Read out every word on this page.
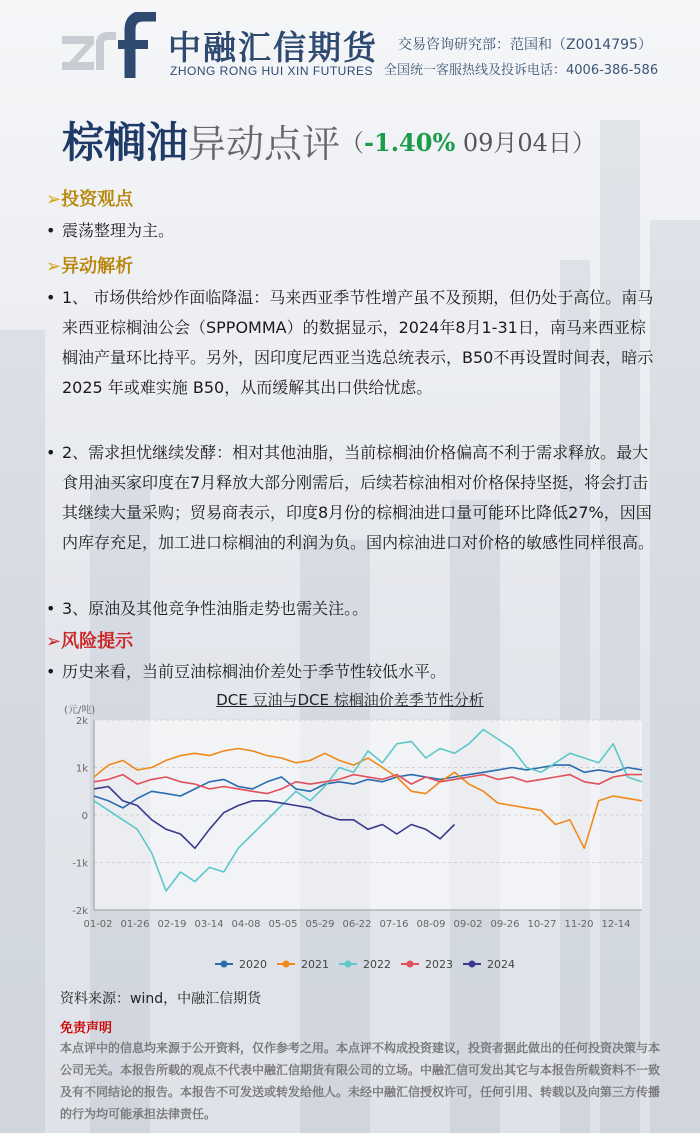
中融汇信期货
ZHONG RONG HUI XIN FUTURES
交易咨询研究部：范国和（Z0014795）
全国统一客服热线及投诉电话：4006-386-586
棕榈油异动点评（-1.40% 09月04日）
➢投资观点
• 震荡整理为主。
➢异动解析
• 1、 市场供给炒作面临降温：马来西亚季节性增产虽不及预期，但仍处于高位。南马来西亚棕榈油公会（SPPOMMA）的数据显示，2024年8月1-31日，南马来西亚棕榈油产量环比持平。另外，因印度尼西亚当选总统表示，B50不再设置时间表，暗示2025 年或难实施 B50，从而缓解其出口供给忧虑。
• 2、需求担忧继续发酵：相对其他油脂，当前棕榈油价格偏高不利于需求释放。最大食用油买家印度在7月释放大部分刚需后，后续若棕油相对价格保持坚挺，将会打击其继续大量采购；贸易商表示，印度8月份的棕榈油进口量可能环比降低27%，因国内库存充足，加工进口棕榈油的利润为负。国内棕油进口对价格的敏感性同样很高。
• 3、原油及其他竞争性油脂走势也需关注。。
➢风险提示
• 历史来看，当前豆油棕榈油价差处于季节性较低水平。
DCE 豆油与DCE 棕榈油价差季节性分析
(元/吨)
2k
1k
0
-1k
-2k
01-02 01-26 02-19 03-14 04-08 05-05 05-29 06-22 07-16 08-09 09-02 09-26 10-27 11-20 12-14
2020	2021	2022	2023	2024
资料来源：wind，中融汇信期货
免责声明
本点评中的信息均来源于公开资料，仅作参考之用。本点评不构成投资建议，投资者据此做出的任何投资决策与本公司无关。本报告所载的观点不代表中融汇信期货有限公司的立场。中融汇信可发出其它与本报告所载资料不一致及有不同结论的报告。本报告不可发送或转发给他人。未经中融汇信授权许可，任何引用、转载以及向第三方传播的行为均可能承担法律责任。
